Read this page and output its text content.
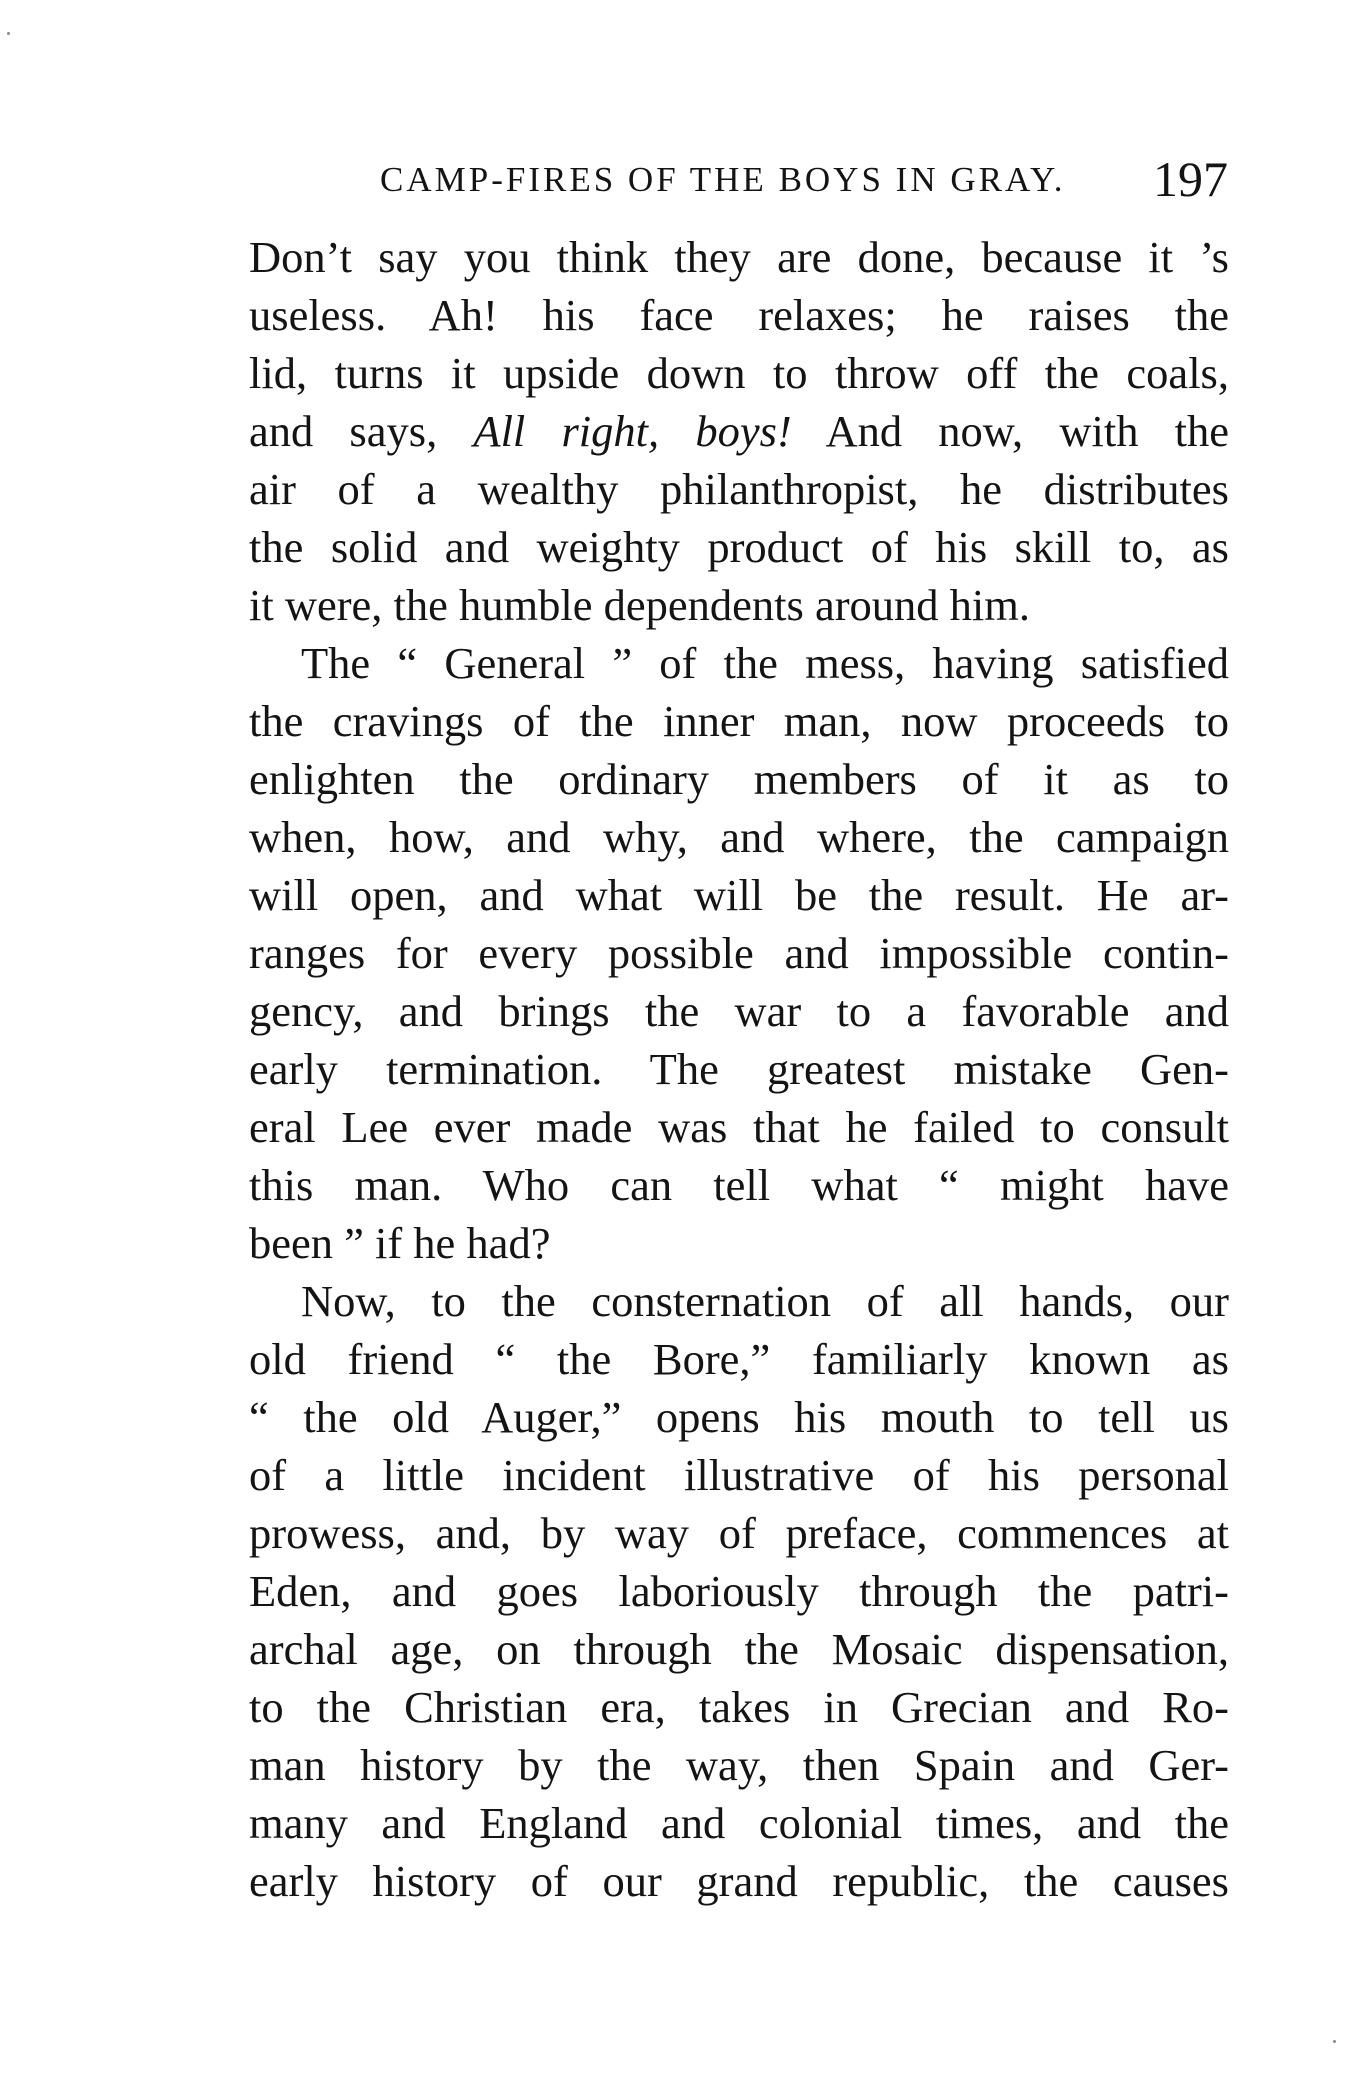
CAMP-FIRES OF THE BOYS IN GRAY. 197
Don’t say you think they are done, because it ’s
useless. Ah! his face relaxes; he raises the
lid, turns it upside down to throw off the coals,
and says, All right, boys! And now, with the
air of a wealthy philanthropist, he distributes
the solid and weighty product of his skill to, as
it were, the humble dependents around him.
The “ General ” of the mess, having satisfied
the cravings of the inner man, now proceeds to
enlighten the ordinary members of it as to
when, how, and why, and where, the campaign
will open, and what will be the result. He ar-
ranges for every possible and impossible contin-
gency, and brings the war to a favorable and
early termination. The greatest mistake Gen-
eral Lee ever made was that he failed to consult
this man. Who can tell what “ might have
been ” if he had?
Now, to the consternation of all hands, our
old friend “ the Bore,” familiarly known as
“ the old Auger,” opens his mouth to tell us
of a little incident illustrative of his personal
prowess, and, by way of preface, commences at
Eden, and goes laboriously through the patri-
archal age, on through the Mosaic dispensation,
to the Christian era, takes in Grecian and Ro-
man history by the way, then Spain and Ger-
many and England and colonial times, and the
early history of our grand republic, the causes
